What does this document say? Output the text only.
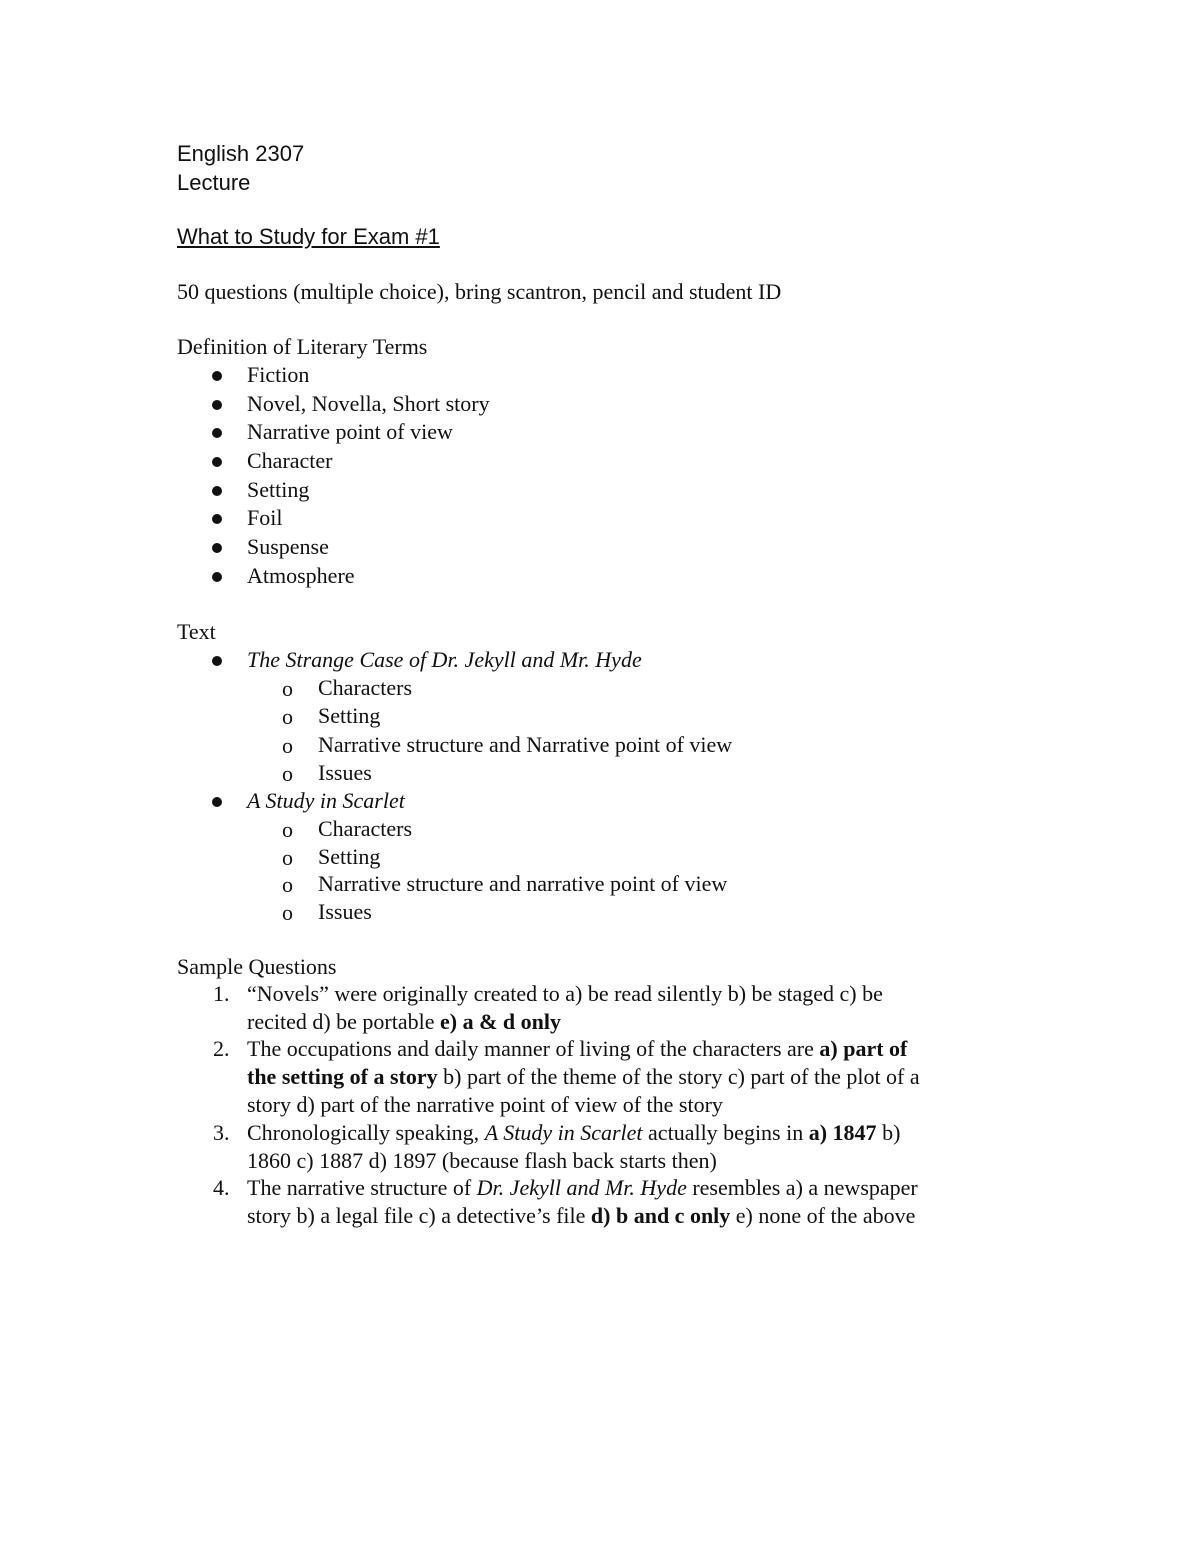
English 2307
Lecture
What to Study for Exam #1
50 questions (multiple choice), bring scantron, pencil and student ID
Definition of Literary Terms
Fiction
Novel, Novella, Short story
Narrative point of view
Character
Setting
Foil
Suspense
Atmosphere
Text
The Strange Case of Dr. Jekyll and Mr. Hyde
o Characters
o Setting
o Narrative structure and Narrative point of view
o Issues
A Study in Scarlet
o Characters
o Setting
o Narrative structure and narrative point of view
o Issues
Sample Questions
1. “Novels” were originally created to a) be read silently b) be staged c) be
recited d) be portable e) a & d only
2. The occupations and daily manner of living of the characters are a) part of
the setting of a story b) part of the theme of the story c) part of the plot of a
story d) part of the narrative point of view of the story
3. Chronologically speaking, A Study in Scarlet actually begins in a) 1847 b)
1860 c) 1887 d) 1897 (because flash back starts then)
4. The narrative structure of Dr. Jekyll and Mr. Hyde resembles a) a newspaper
story b) a legal file c) a detective’s file d) b and c only e) none of the above
